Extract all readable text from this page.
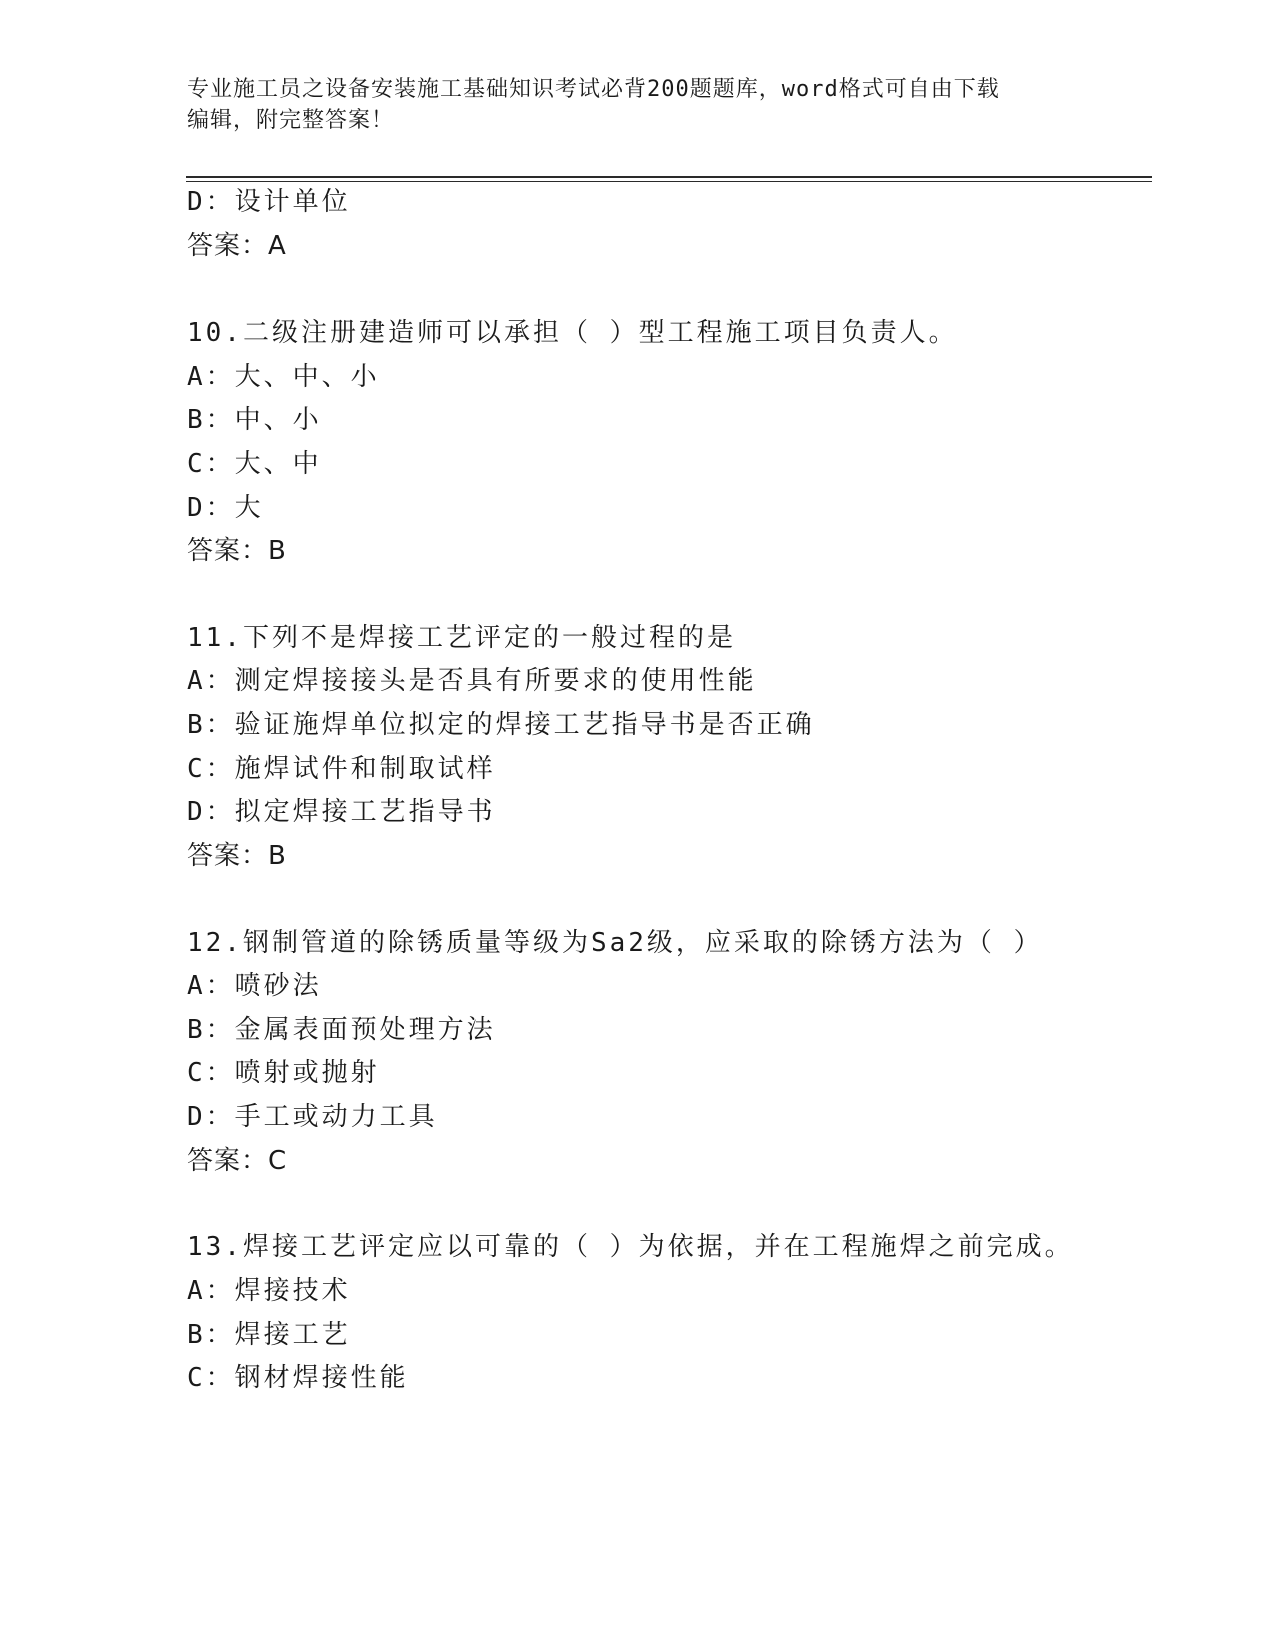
专业施工员之设备安装施工基础知识考试必背200题题库，word格式可自由下载
编辑，附完整答案！
D：设计单位
答案：A
10.二级注册建造师可以承担（ ）型工程施工项目负责人。
A：大、中、小
B：中、小
C：大、中
D：大
答案：B
11.下列不是焊接工艺评定的一般过程的是
A：测定焊接接头是否具有所要求的使用性能
B：验证施焊单位拟定的焊接工艺指导书是否正确
C：施焊试件和制取试样
D：拟定焊接工艺指导书
答案：B
12.钢制管道的除锈质量等级为Sa2级，应采取的除锈方法为（ ）
A：喷砂法
B：金属表面预处理方法
C：喷射或抛射
D：手工或动力工具
答案：C
13.焊接工艺评定应以可靠的（ ）为依据，并在工程施焊之前完成。
A：焊接技术
B：焊接工艺
C：钢材焊接性能
